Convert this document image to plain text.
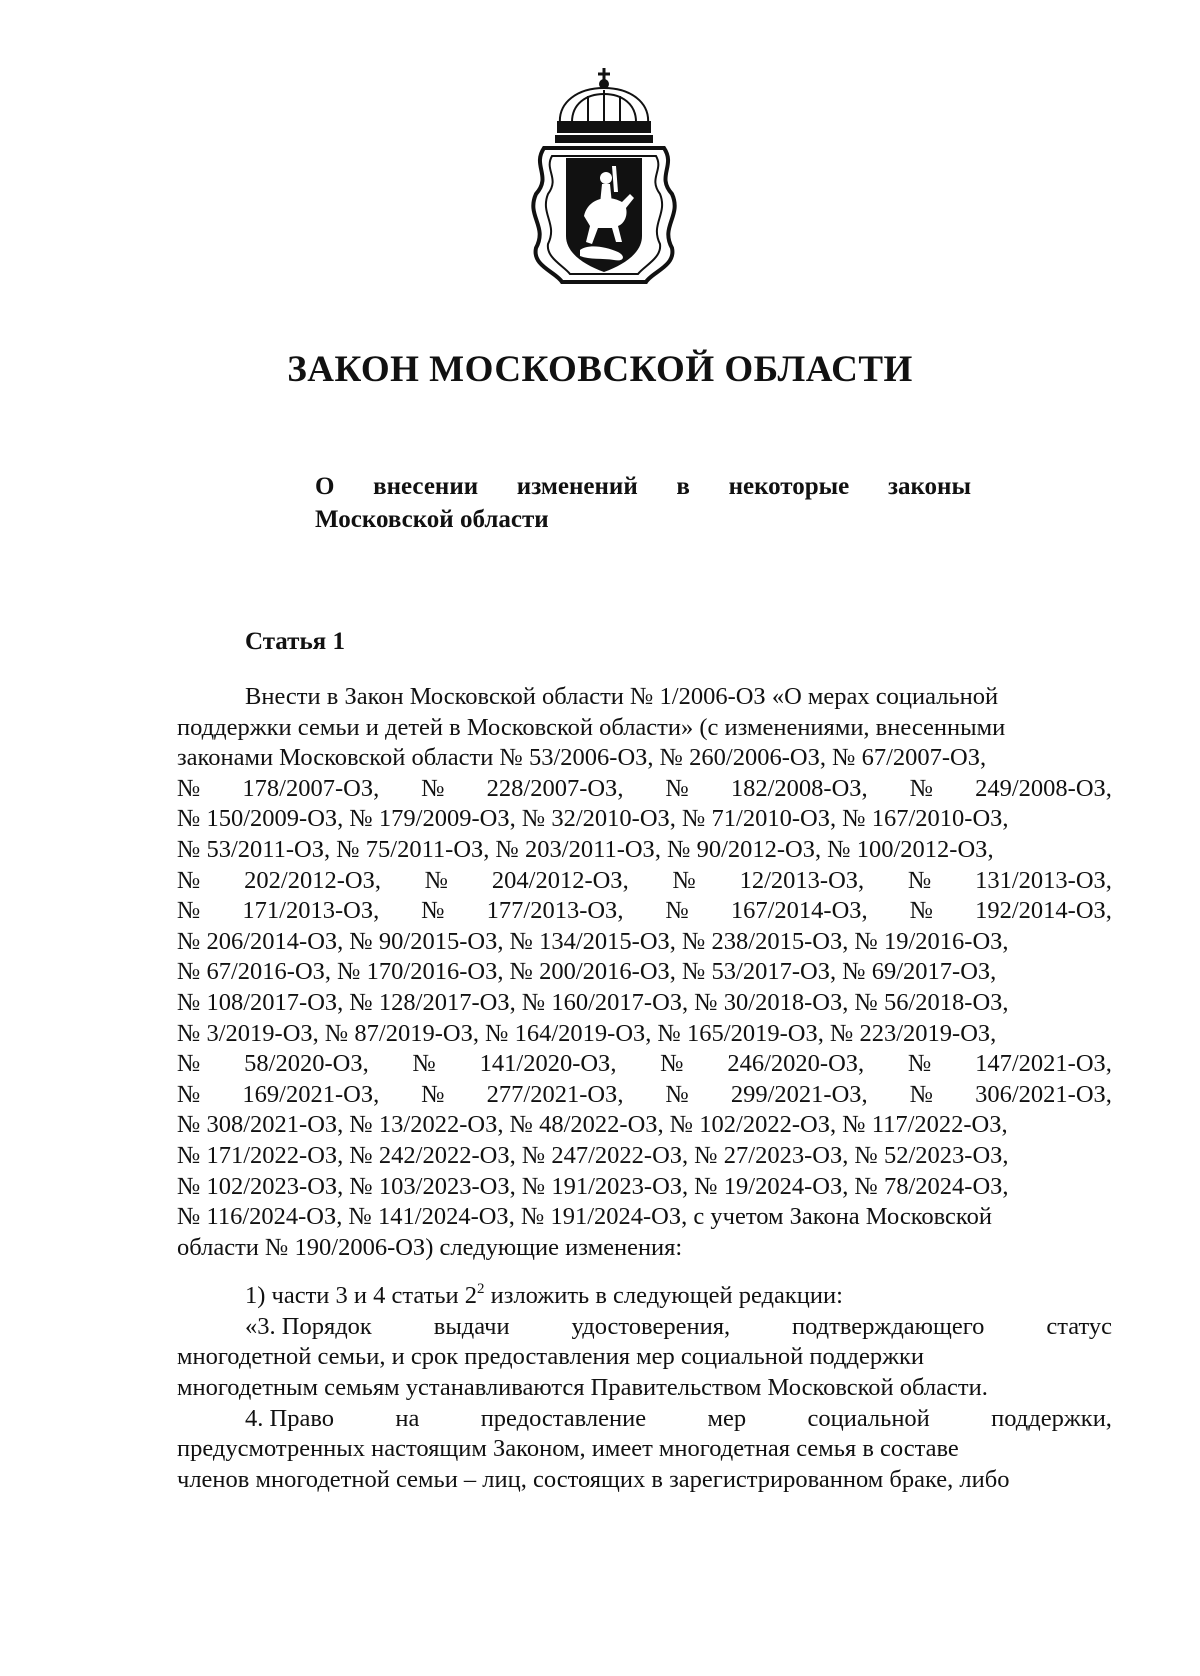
ЗАКОН МОСКОВСКОЙ ОБЛАСТИ
О внесении изменений в некоторые законы
Московской области
Статья 1
Внести в Закон Московской области № 1/2006-ОЗ «О мерах социальной
поддержки семьи и детей в Московской области» (с изменениями, внесенными
законами Московской области № 53/2006-ОЗ, № 260/2006-ОЗ, № 67/2007-ОЗ,
№ 178/2007-ОЗ, № 228/2007-ОЗ, № 182/2008-ОЗ, № 249/2008-ОЗ,
№ 150/2009-ОЗ, № 179/2009-ОЗ, № 32/2010-ОЗ, № 71/2010-ОЗ, № 167/2010-ОЗ,
№ 53/2011-ОЗ, № 75/2011-ОЗ, № 203/2011-ОЗ, № 90/2012-ОЗ, № 100/2012-ОЗ,
№ 202/2012-ОЗ, № 204/2012-ОЗ, № 12/2013-ОЗ, № 131/2013-ОЗ,
№ 171/2013-ОЗ, № 177/2013-ОЗ, № 167/2014-ОЗ, № 192/2014-ОЗ,
№ 206/2014-ОЗ, № 90/2015-ОЗ, № 134/2015-ОЗ, № 238/2015-ОЗ, № 19/2016-ОЗ,
№ 67/2016-ОЗ, № 170/2016-ОЗ, № 200/2016-ОЗ, № 53/2017-ОЗ, № 69/2017-ОЗ,
№ 108/2017-ОЗ, № 128/2017-ОЗ, № 160/2017-ОЗ, № 30/2018-ОЗ, № 56/2018-ОЗ,
№ 3/2019-ОЗ, № 87/2019-ОЗ, № 164/2019-ОЗ, № 165/2019-ОЗ, № 223/2019-ОЗ,
№ 58/2020-ОЗ, № 141/2020-ОЗ, № 246/2020-ОЗ, № 147/2021-ОЗ,
№ 169/2021-ОЗ, № 277/2021-ОЗ, № 299/2021-ОЗ, № 306/2021-ОЗ,
№ 308/2021-ОЗ, № 13/2022-ОЗ, № 48/2022-ОЗ, № 102/2022-ОЗ, № 117/2022-ОЗ,
№ 171/2022-ОЗ, № 242/2022-ОЗ, № 247/2022-ОЗ, № 27/2023-ОЗ, № 52/2023-ОЗ,
№ 102/2023-ОЗ, № 103/2023-ОЗ, № 191/2023-ОЗ, № 19/2024-ОЗ, № 78/2024-ОЗ,
№ 116/2024-ОЗ, № 141/2024-ОЗ, № 191/2024-ОЗ, с учетом Закона Московской
области № 190/2006-ОЗ) следующие изменения:
1) части 3 и 4 статьи $2^2$ изложить в следующей редакции:
«3. Порядок	выдачи	удостоверения,	подтверждающего	статус
многодетной семьи, и срок предоставления мер социальной поддержки
многодетным семьям устанавливаются Правительством Московской области.
4. Право	на	предоставление	мер	социальной	поддержки,
предусмотренных настоящим Законом, имеет многодетная семья в составе
членов многодетной семьи – лиц, состоящих в зарегистрированном браке, либо
